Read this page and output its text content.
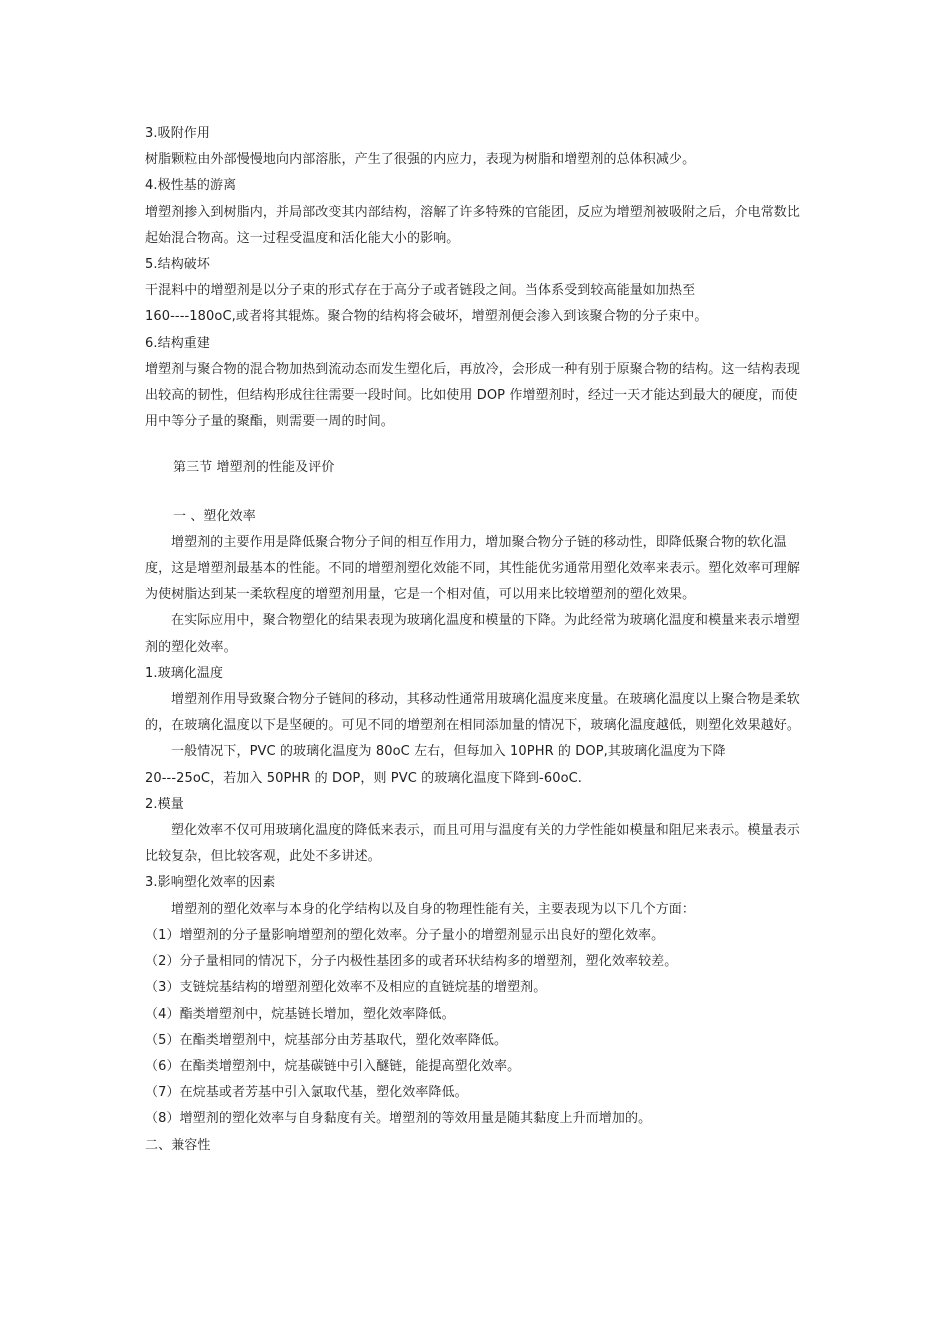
3.吸附作用

树脂颗粒由外部慢慢地向内部溶胀，产生了很强的内应力，表现为树脂和增塑剂的总体积减少。

4.极性基的游离

增塑剂掺入到树脂内，并局部改变其内部结构，溶解了许多特殊的官能团，反应为增塑剂被吸附之后，介电常数比起始混合物高。这一过程受温度和活化能大小的影响。

5.结构破坏

干混料中的增塑剂是以分子束的形式存在于高分子或者链段之间。当体系受到较高能量如加热至

160----180oC,或者将其辊炼。聚合物的结构将会破坏，增塑剂便会渗入到该聚合物的分子束中。

6.结构重建

增塑剂与聚合物的混合物加热到流动态而发生塑化后，再放冷，会形成一种有别于原聚合物的结构。这一结构表现出较高的韧性，但结构形成往往需要一段时间。比如使用 DOP 作增塑剂时，经过一天才能达到最大的硬度，而使用中等分子量的聚酯，则需要一周的时间。

第三节 增塑剂的性能及评价

一 、塑化效率

增塑剂的主要作用是降低聚合物分子间的相互作用力，增加聚合物分子链的移动性，即降低聚合物的软化温度，这是增塑剂最基本的性能。不同的增塑剂塑化效能不同，其性能优劣通常用塑化效率来表示。塑化效率可理解为使树脂达到某一柔软程度的增塑剂用量，它是一个相对值，可以用来比较增塑剂的塑化效果。

在实际应用中，聚合物塑化的结果表现为玻璃化温度和模量的下降。为此经常为玻璃化温度和模量来表示增塑剂的塑化效率。

1.玻璃化温度

增塑剂作用导致聚合物分子链间的移动，其移动性通常用玻璃化温度来度量。在玻璃化温度以上聚合物是柔软的，在玻璃化温度以下是坚硬的。可见不同的增塑剂在相同添加量的情况下，玻璃化温度越低，则塑化效果越好。

一般情况下，PVC 的玻璃化温度为 80oC 左右，但每加入 10PHR 的 DOP,其玻璃化温度为下降

20---25oC，若加入 50PHR 的 DOP，则 PVC 的玻璃化温度下降到-60oC.

2.模量

塑化效率不仅可用玻璃化温度的降低来表示，而且可用与温度有关的力学性能如模量和阻尼来表示。模量表示比较复杂，但比较客观，此处不多讲述。

3.影响塑化效率的因素

增塑剂的塑化效率与本身的化学结构以及自身的物理性能有关，主要表现为以下几个方面：

（1）增塑剂的分子量影响增塑剂的塑化效率。分子量小的增塑剂显示出良好的塑化效率。

（2）分子量相同的情况下，分子内极性基团多的或者环状结构多的增塑剂，塑化效率较差。

（3）支链烷基结构的增塑剂塑化效率不及相应的直链烷基的增塑剂。

（4）酯类增塑剂中，烷基链长增加，塑化效率降低。

（5）在酯类增塑剂中，烷基部分由芳基取代，塑化效率降低。

（6）在酯类增塑剂中，烷基碳链中引入醚链，能提高塑化效率。

（7）在烷基或者芳基中引入氯取代基，塑化效率降低。

（8）增塑剂的塑化效率与自身黏度有关。增塑剂的等效用量是随其黏度上升而增加的。

二、兼容性
